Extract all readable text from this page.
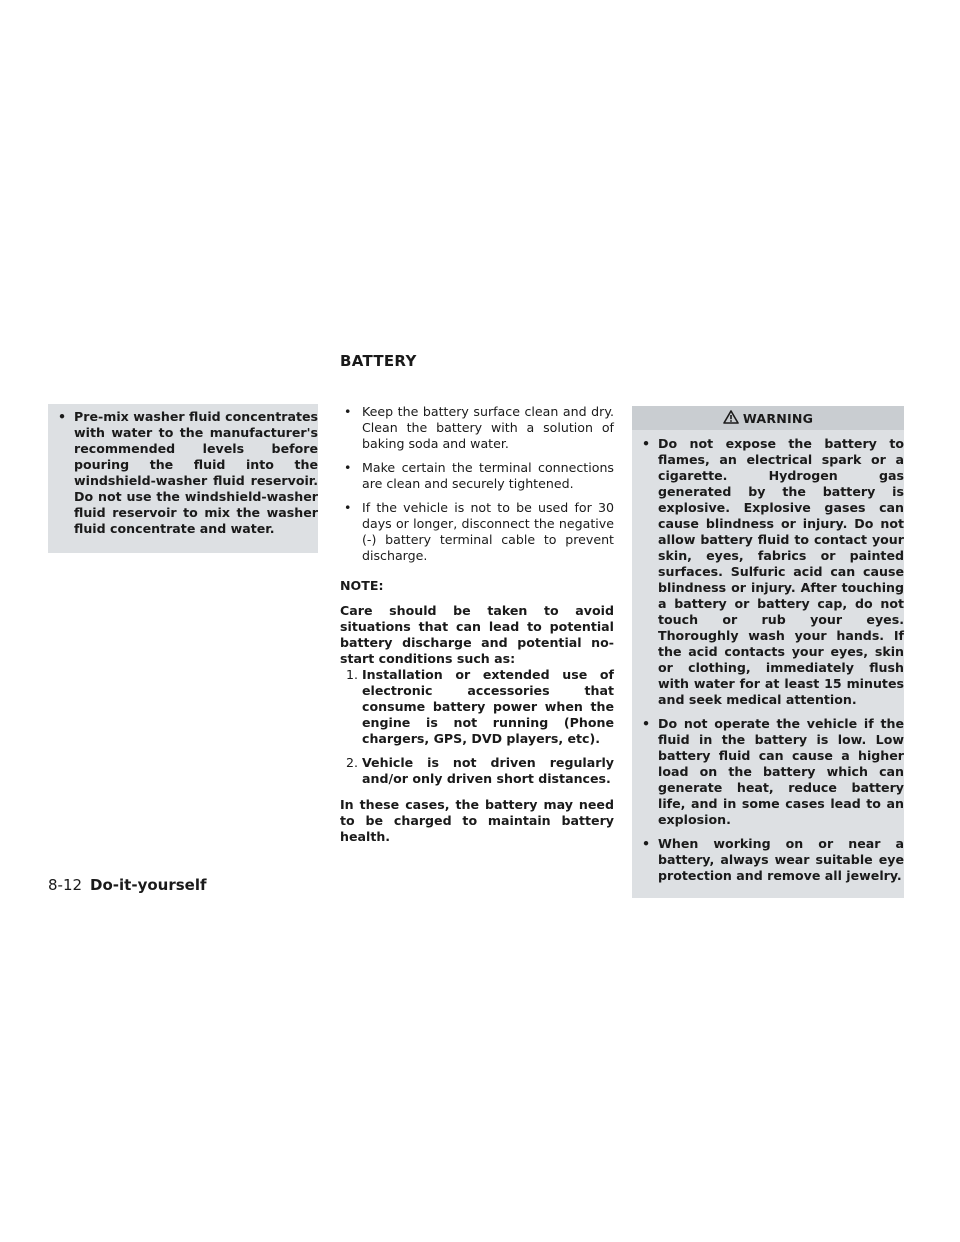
• Pre-mix washer fluid concentrates with water to the manufacturer's recommended levels before pouring the fluid into the windshield-washer fluid reservoir. Do not use the windshield-washer fluid reservoir to mix the washer fluid concentrate and water.
BATTERY
• Keep the battery surface clean and dry. Clean the battery with a solution of baking soda and water.
• Make certain the terminal connections are clean and securely tightened.
• If the vehicle is not to be used for 30 days or longer, disconnect the negative (-) battery terminal cable to prevent discharge.

NOTE:

Care should be taken to avoid situations that can lead to potential battery discharge and potential no-start conditions such as:

1. Installation or extended use of electronic accessories that consume battery power when the engine is not running (Phone chargers, GPS, DVD players, etc).
2. Vehicle is not driven regularly and/or only driven short distances.

In these cases, the battery may need to be charged to maintain battery health.

WARNING
• Do not expose the battery to flames, an electrical spark or a cigarette. Hydrogen gas generated by the battery is explosive. Explosive gases can cause blindness or injury. Do not allow battery fluid to contact your skin, eyes, fabrics or painted surfaces. Sulfuric acid can cause blindness or injury. After touching a battery or battery cap, do not touch or rub your eyes. Thoroughly wash your hands. If the acid contacts your eyes, skin or clothing, immediately flush with water for at least 15 minutes and seek medical attention.
• Do not operate the vehicle if the fluid in the battery is low. Low battery fluid can cause a higher load on the battery which can generate heat, reduce battery life, and in some cases lead to an explosion.
• When working on or near a battery, always wear suitable eye protection and remove all jewelry.
8-12 Do-it-yourself
